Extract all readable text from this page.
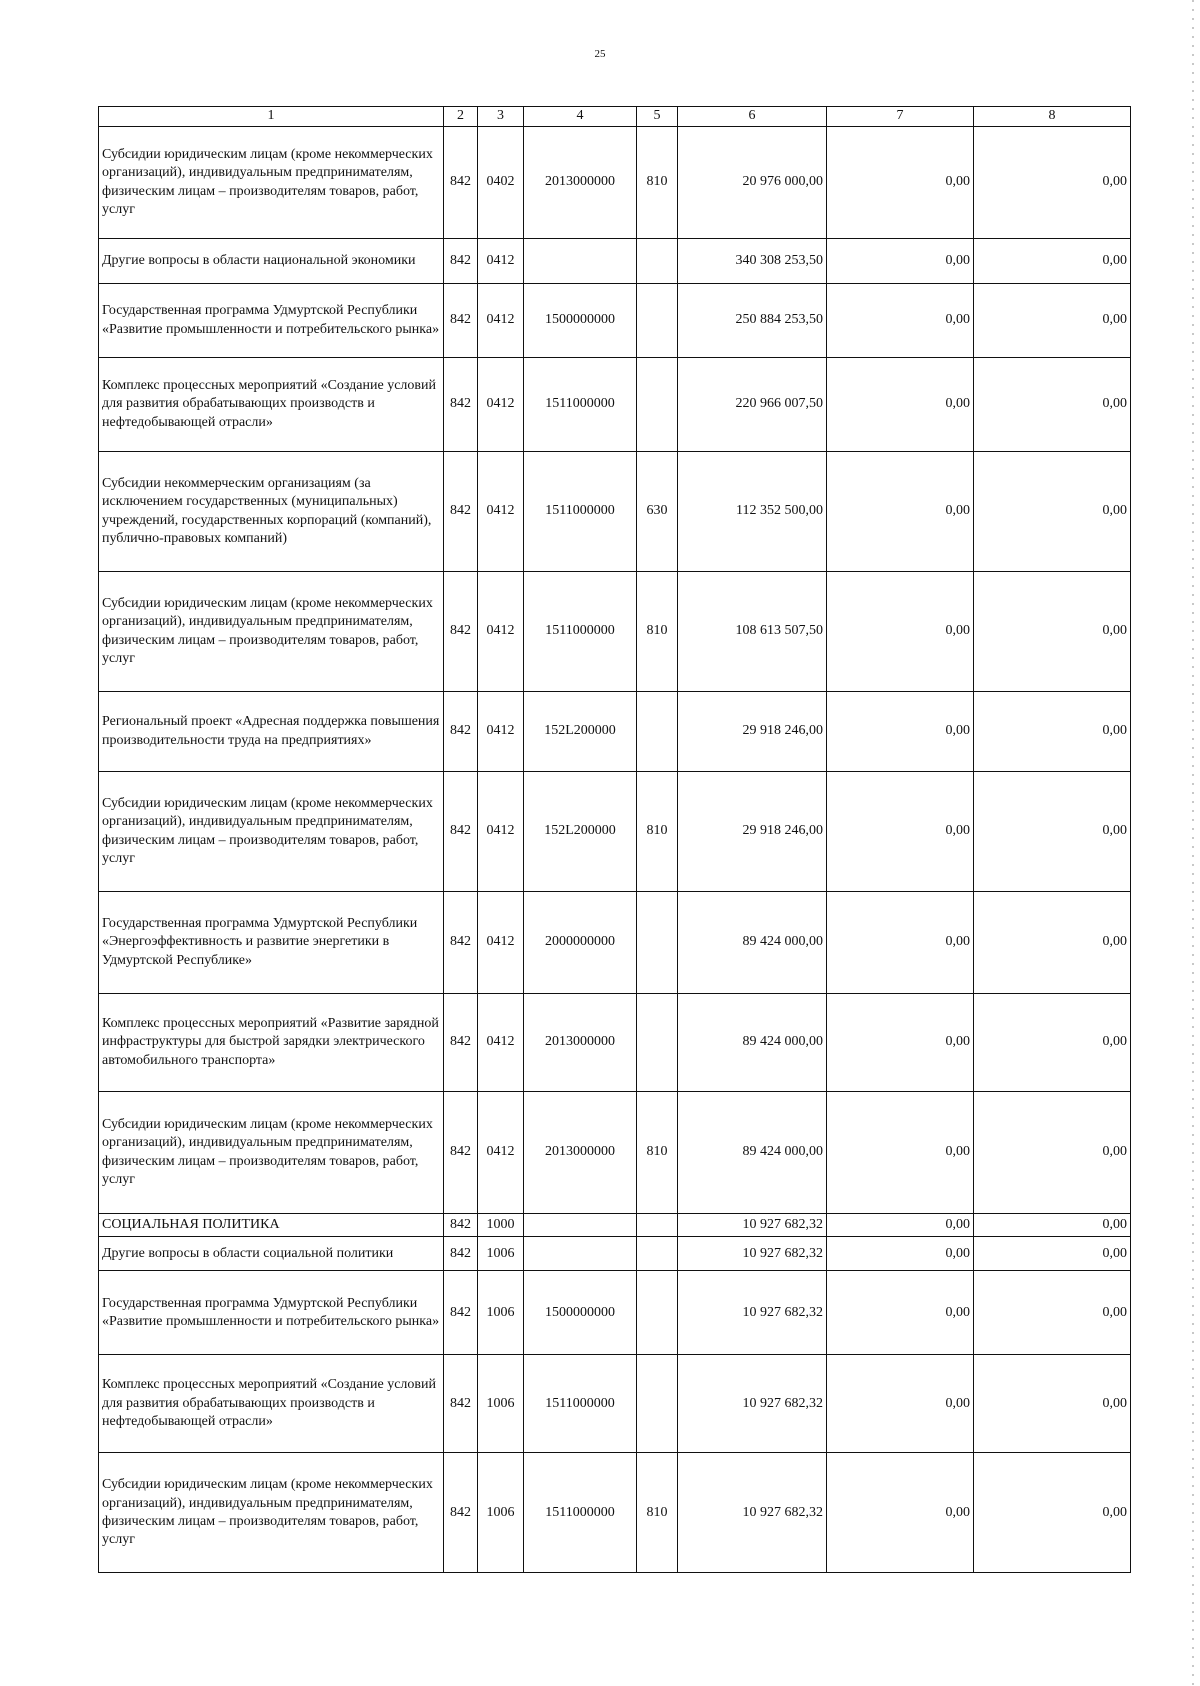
25
1	2	3	4	5	6	7	8
Субсидии юридическим лицам (кроме некоммерческих организаций), индивидуальным предпринимателям, физическим лицам – производителям товаров, работ, услуг	842	0402	2013000000	810	20 976 000,00	0,00	0,00
Другие вопросы в области национальной экономики	842	0412			340 308 253,50	0,00	0,00
Государственная программа Удмуртской Республики «Развитие промышленности и потребительского рынка»	842	0412	1500000000		250 884 253,50	0,00	0,00
Комплекс процессных мероприятий «Создание условий для развития обрабатывающих производств и нефтедобывающей отрасли»	842	0412	1511000000		220 966 007,50	0,00	0,00
Субсидии некоммерческим организациям (за исключением государственных (муниципальных) учреждений, государственных корпораций (компаний), публично-правовых компаний)	842	0412	1511000000	630	112 352 500,00	0,00	0,00
Субсидии юридическим лицам (кроме некоммерческих организаций), индивидуальным предпринимателям, физическим лицам – производителям товаров, работ, услуг	842	0412	1511000000	810	108 613 507,50	0,00	0,00
Региональный проект «Адресная поддержка повышения производительности труда на предприятиях»	842	0412	152L200000		29 918 246,00	0,00	0,00
Субсидии юридическим лицам (кроме некоммерческих организаций), индивидуальным предпринимателям, физическим лицам – производителям товаров, работ, услуг	842	0412	152L200000	810	29 918 246,00	0,00	0,00
Государственная программа Удмуртской Республики «Энергоэффективность и развитие энергетики в Удмуртской Республике»	842	0412	2000000000		89 424 000,00	0,00	0,00
Комплекс процессных мероприятий «Развитие зарядной инфраструктуры для быстрой зарядки электрического автомобильного транспорта»	842	0412	2013000000		89 424 000,00	0,00	0,00
Субсидии юридическим лицам (кроме некоммерческих организаций), индивидуальным предпринимателям, физическим лицам – производителям товаров, работ, услуг	842	0412	2013000000	810	89 424 000,00	0,00	0,00
СОЦИАЛЬНАЯ ПОЛИТИКА	842	1000			10 927 682,32	0,00	0,00
Другие вопросы в области социальной политики	842	1006			10 927 682,32	0,00	0,00
Государственная программа Удмуртской Республики «Развитие промышленности и потребительского рынка»	842	1006	1500000000		10 927 682,32	0,00	0,00
Комплекс процессных мероприятий «Создание условий для развития обрабатывающих производств и нефтедобывающей отрасли»	842	1006	1511000000		10 927 682,32	0,00	0,00
Субсидии юридическим лицам (кроме некоммерческих организаций), индивидуальным предпринимателям, физическим лицам – производителям товаров, работ, услуг	842	1006	1511000000	810	10 927 682,32	0,00	0,00
